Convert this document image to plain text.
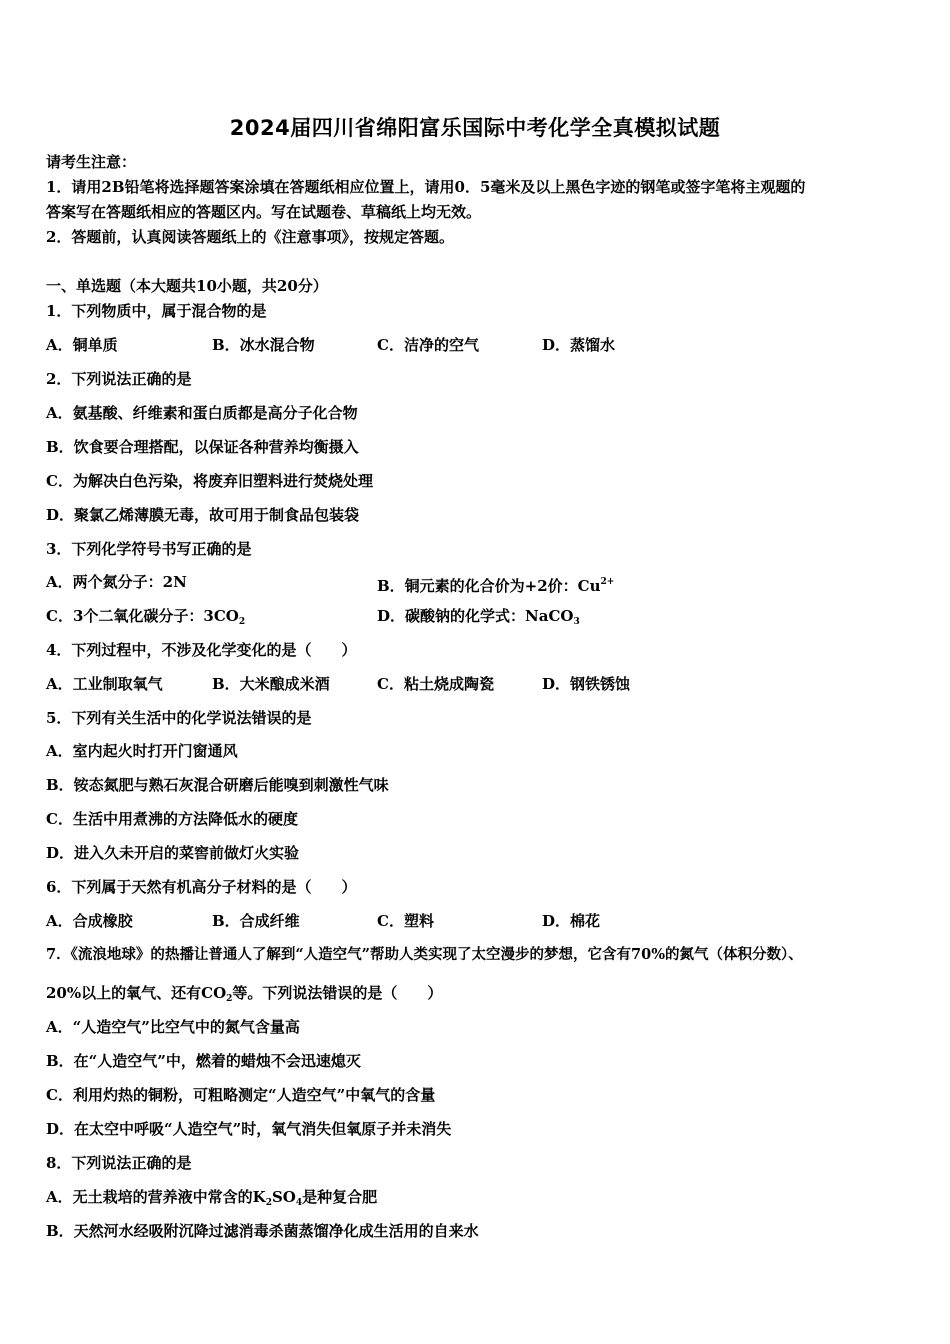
2024届四川省绵阳富乐国际中考化学全真模拟试题
请考生注意：
1．请用2B铅笔将选择题答案涂填在答题纸相应位置上，请用0．5毫米及以上黑色字迹的钢笔或签字笔将主观题的
答案写在答题纸相应的答题区内。写在试题卷、草稿纸上均无效。
2．答题前，认真阅读答题纸上的《注意事项》，按规定答题。
一、单选题（本大题共10小题，共20分）
1．下列物质中，属于混合物的是
A．铜单质	B．冰水混合物	C．洁净的空气	D．蒸馏水
2．下列说法正确的是
A．氨基酸、纤维素和蛋白质都是高分子化合物
B．饮食要合理搭配，以保证各种营养均衡摄入
C．为解决白色污染，将废弃旧塑料进行焚烧处理
D．聚氯乙烯薄膜无毒，故可用于制食品包装袋
3．下列化学符号书写正确的是
A．两个氮分子：2N	B．铜元素的化合价为+2价：$Cu^{2+}$
C．3个二氧化碳分子：$3CO_2$	D．碳酸钠的化学式：NaCO$_3$
4．下列过程中，不涉及化学变化的是（　　）
A．工业制取氧气	B．大米酿成米酒	C．粘土烧成陶瓷	D．钢铁锈蚀
5．下列有关生活中的化学说法错误的是
A．室内起火时打开门窗通风
B．铵态氮肥与熟石灰混合研磨后能嗅到刺激性气味
C．生活中用煮沸的方法降低水的硬度
D．进入久未开启的菜窖前做灯火实验
6．下列属于天然有机高分子材料的是（　　）
A．合成橡胶	B．合成纤维	C．塑料	D．棉花
7．《流浪地球》的热播让普通人了解到“人造空气”帮助人类实现了太空漫步的梦想，它含有70%的氮气（体积分数）、
20%以上的氧气、还有$CO_2$等。下列说法错误的是（　　）
A．“人造空气”比空气中的氮气含量高
B．在“人造空气”中，燃着的蜡烛不会迅速熄灭
C．利用灼热的铜粉，可粗略测定“人造空气”中氧气的含量
D．在太空中呼吸“人造空气”时，氧气消失但氧原子并未消失
8．下列说法正确的是
A．无土栽培的营养液中常含的$K_2SO_4$是种复合肥
B．天然河水经吸附沉降过滤消毒杀菌蒸馏净化成生活用的自来水
